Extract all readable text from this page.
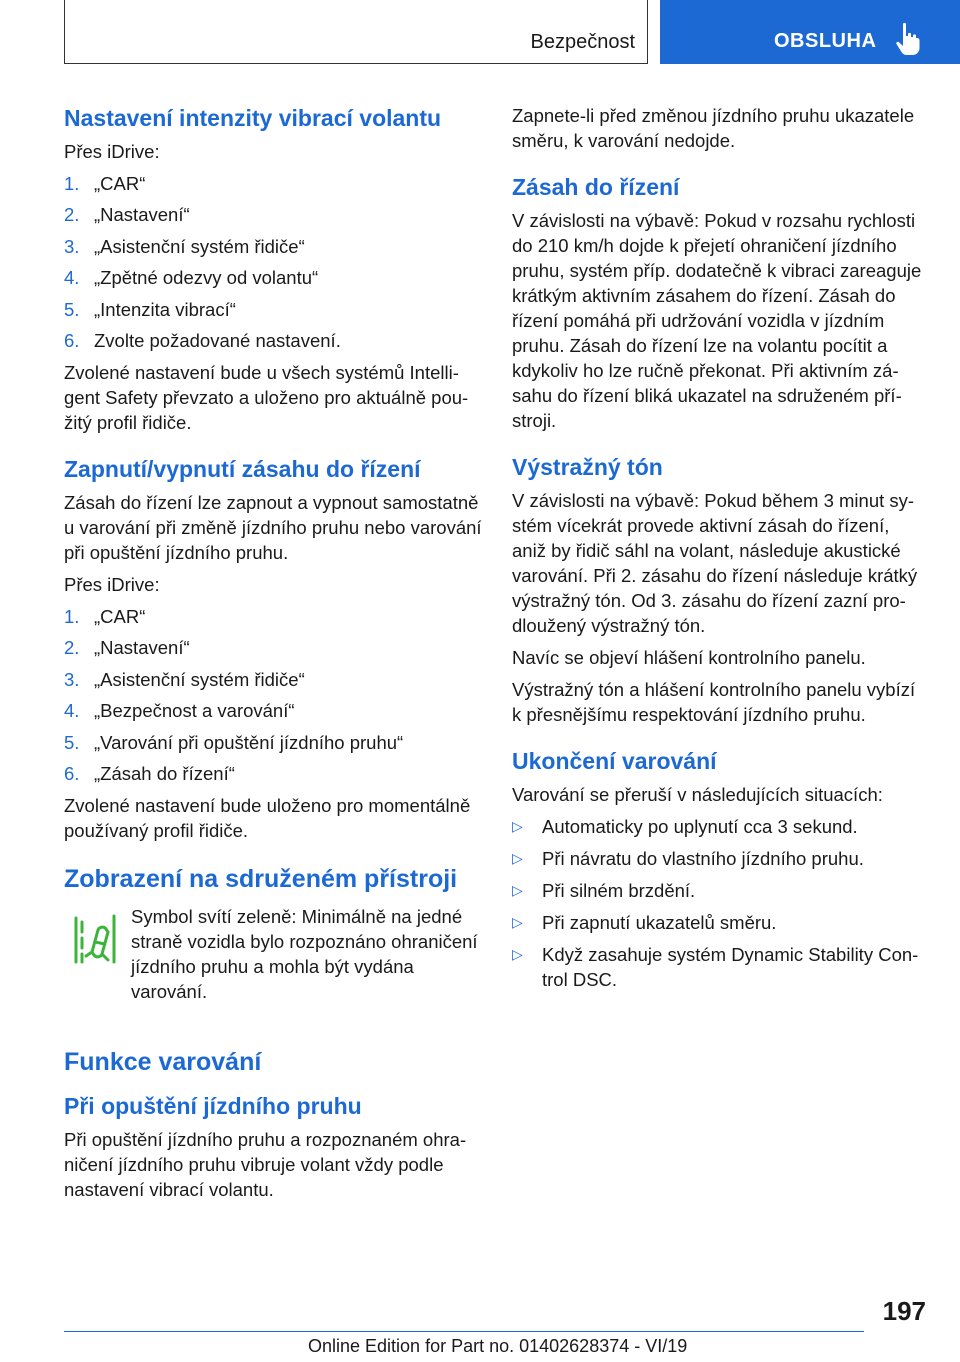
Bezpečnost	OBSLUHA
Nastavení intenzity vibrací volantu

Přes iDrive:

1. „CAR“
2. „Nastavení“
3. „Asistenční systém řidiče“
4. „Zpětné odezvy od volantu“
5. „Intenzita vibrací“
6. Zvolte požadované nastavení.

Zvolené nastavení bude u všech systémů Intelligent Safety převzato a uloženo pro aktuálně použitý profil řidiče.

Zapnutí/vypnutí zásahu do řízení

Zásah do řízení lze zapnout a vypnout samostatně u varování při změně jízdního pruhu nebo varování při opuštění jízdního pruhu.

Přes iDrive:

1. „CAR“
2. „Nastavení“
3. „Asistenční systém řidiče“
4. „Bezpečnost a varování“
5. „Varování při opuštění jízdního pruhu“
6. „Zásah do řízení“

Zvolené nastavení bude uloženo pro momentálně používaný profil řidiče.

Zobrazení na sdruženém přístroji

Symbol svítí zeleně: Minimálně na jedné straně vozidla bylo rozpoznáno ohraničení jízdního pruhu a mohla být vydána varování.

Funkce varování
Při opuštění jízdního pruhu

Při opuštění jízdního pruhu a rozpoznaném ohraničení jízdního pruhu vibruje volant vždy podle nastavení vibrací volantu.

Zapnete-li před změnou jízdního pruhu ukazatele směru, k varování nedojde.

Zásah do řízení

V závislosti na výbavě: Pokud v rozsahu rychlosti do 210 km/h dojde k přejetí ohraničení jízdního pruhu, systém příp. dodatečně k vibraci zareaguje krátkým aktivním zásahem do řízení. Zásah do řízení pomáhá při udržování vozidla v jízdním pruhu. Zásah do řízení lze na volantu pocítit a kdykoliv ho lze ručně překonat. Při aktivním zásahu do řízení bliká ukazatel na sdruženém přístroji.

Výstražný tón

V závislosti na výbavě: Pokud během 3 minut systém vícekrát provede aktivní zásah do řízení, aniž by řidič sáhl na volant, následuje akustické varování. Při 2. zásahu do řízení následuje krátký výstražný tón. Od 3. zásahu do řízení zazní prodloužený výstražný tón.

Navíc se objeví hlášení kontrolního panelu.

Výstražný tón a hlášení kontrolního panelu vybízí k přesnějšímu respektování jízdního pruhu.

Ukončení varování

Varování se přeruší v následujících situacích:

▷ Automaticky po uplynutí cca 3 sekund.
▷ Při návratu do vlastního jízdního pruhu.
▷ Při silném brzdění.
▷ Při zapnutí ukazatelů směru.
▷ Když zasahuje systém Dynamic Stability Control DSC.
197
Online Edition for Part no. 01402628374 - VI/19
